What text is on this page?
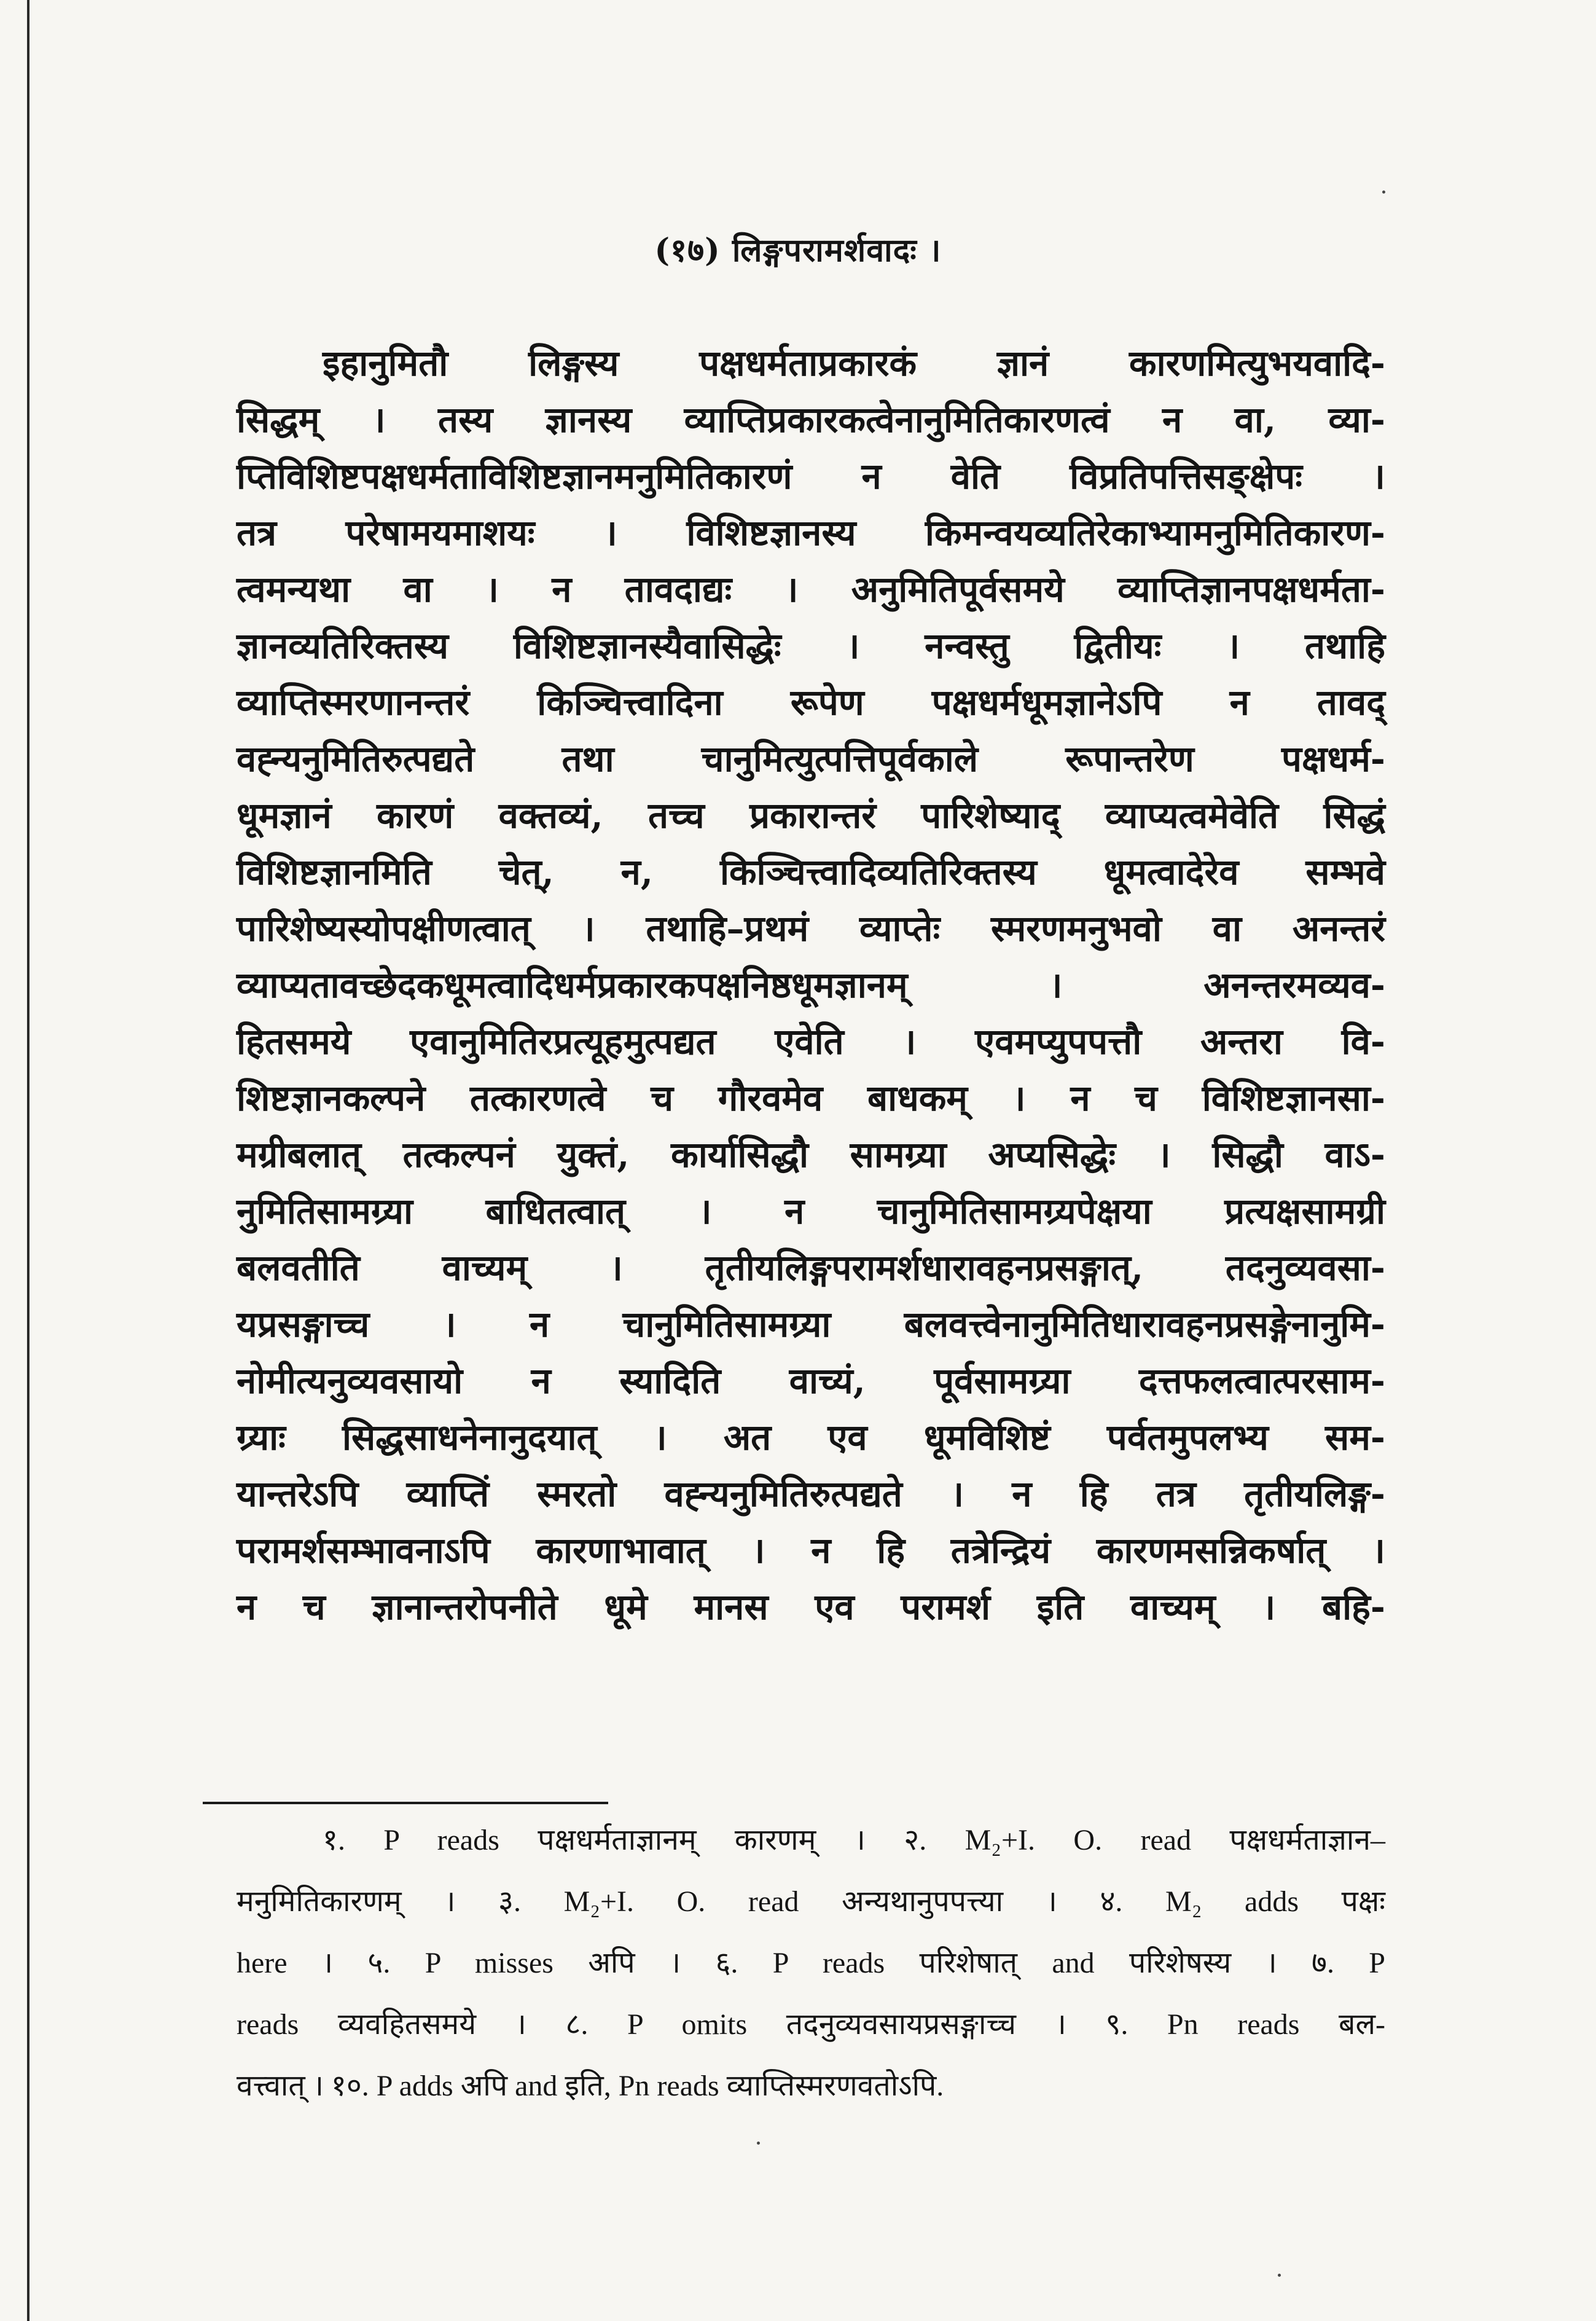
(१७) लिङ्गपरामर्शवादः ।
इहानुमितौ लिङ्गस्य पक्षधर्मताप्रकारकं ज्ञानं कारणमित्युभयवादि-
सिद्धम् । तस्य ज्ञानस्य व्याप्तिप्रकारकत्वेनानुमितिकारणत्वं न वा, व्या-
प्तिविशिष्टपक्षधर्मताविशिष्टज्ञानमनुमितिकारणं न वेति विप्रतिपत्तिसङ्क्षेपः ।
तत्र परेषामयमाशयः । विशिष्टज्ञानस्य किमन्वयव्यतिरेकाभ्यामनुमितिकारण-
त्वमन्यथा वा । न तावदाद्यः । अनुमितिपूर्वसमये व्याप्तिज्ञानपक्षधर्मता-
ज्ञानव्यतिरिक्तस्य विशिष्टज्ञानस्यैवासिद्धेः । नन्वस्तु द्वितीयः । तथाहि
व्याप्तिस्मरणानन्तरं किञ्चित्त्वादिना रूपेण पक्षधर्मधूमज्ञानेऽपि न तावद्
वह्न्यनुमितिरुत्पद्यते तथा चानुमित्युत्पत्तिपूर्वकाले रूपान्तरेण पक्षधर्म-
धूमज्ञानं कारणं वक्तव्यं, तच्च प्रकारान्तरं पारिशेष्याद् व्याप्यत्वमेवेति सिद्धं
विशिष्टज्ञानमिति चेत्, न, किञ्चित्त्वादिव्यतिरिक्तस्य धूमत्वादेरेव सम्भवे
पारिशेष्यस्योपक्षीणत्वात् । तथाहि–प्रथमं व्याप्तेः स्मरणमनुभवो वा अनन्तरं
व्याप्यतावच्छेदकधूमत्वादिधर्मप्रकारकपक्षनिष्ठधूमज्ञानम् । अनन्तरमव्यव-
हितसमये एवानुमितिरप्रत्यूहमुत्पद्यत एवेति । एवमप्युपपत्तौ अन्तरा वि-
शिष्टज्ञानकल्पने तत्कारणत्वे च गौरवमेव बाधकम् । न च विशिष्टज्ञानसा-
मग्रीबलात् तत्कल्पनं युक्तं, कार्यासिद्धौ सामग्र्या अप्यसिद्धेः । सिद्धौ वाऽ-
नुमितिसामग्र्या बाधितत्वात् । न चानुमितिसामग्र्यपेक्षया प्रत्यक्षसामग्री
बलवतीति वाच्यम् । तृतीयलिङ्गपरामर्शधारावहनप्रसङ्गात्, तदनुव्यवसा-
यप्रसङ्गाच्च । न चानुमितिसामग्र्या बलवत्त्वेनानुमितिधारावहनप्रसङ्गेनानुमि-
नोमीत्यनुव्यवसायो न स्यादिति वाच्यं, पूर्वसामग्र्या दत्तफलत्वात्परसाम-
ग्र्याः सिद्धसाधनेनानुदयात् । अत एव धूमविशिष्टं पर्वतमुपलभ्य सम-
यान्तरेऽपि व्याप्तिं स्मरतो वह्न्यनुमितिरुत्पद्यते । न हि तत्र तृतीयलिङ्ग-
परामर्शसम्भावनाऽपि कारणाभावात् । न हि तत्रेन्द्रियं कारणमसन्निकर्षात् ।
न च ज्ञानान्तरोपनीते धूमे मानस एव परामर्श इति वाच्यम् । बहि-
१. P reads पक्षधर्मताज्ञानम् कारणम् । २. M₂+I. O. read पक्षधर्मताज्ञान–
मनुमितिकारणम् । ३. M₂+I. O. read अन्यथानुपपत्त्या । ४. M₂ adds पक्षः
here । ५. P misses अपि । ६. P reads परिशेषात् and परिशेषस्य । ७. P
reads व्यवहितसमये । ८. P omits तदनुव्यवसायप्रसङ्गाच्च । ९. Pn reads बल-
वत्त्वात् । १०. P adds अपि and इति, Pn reads व्याप्तिस्मरणवतोऽपि.
